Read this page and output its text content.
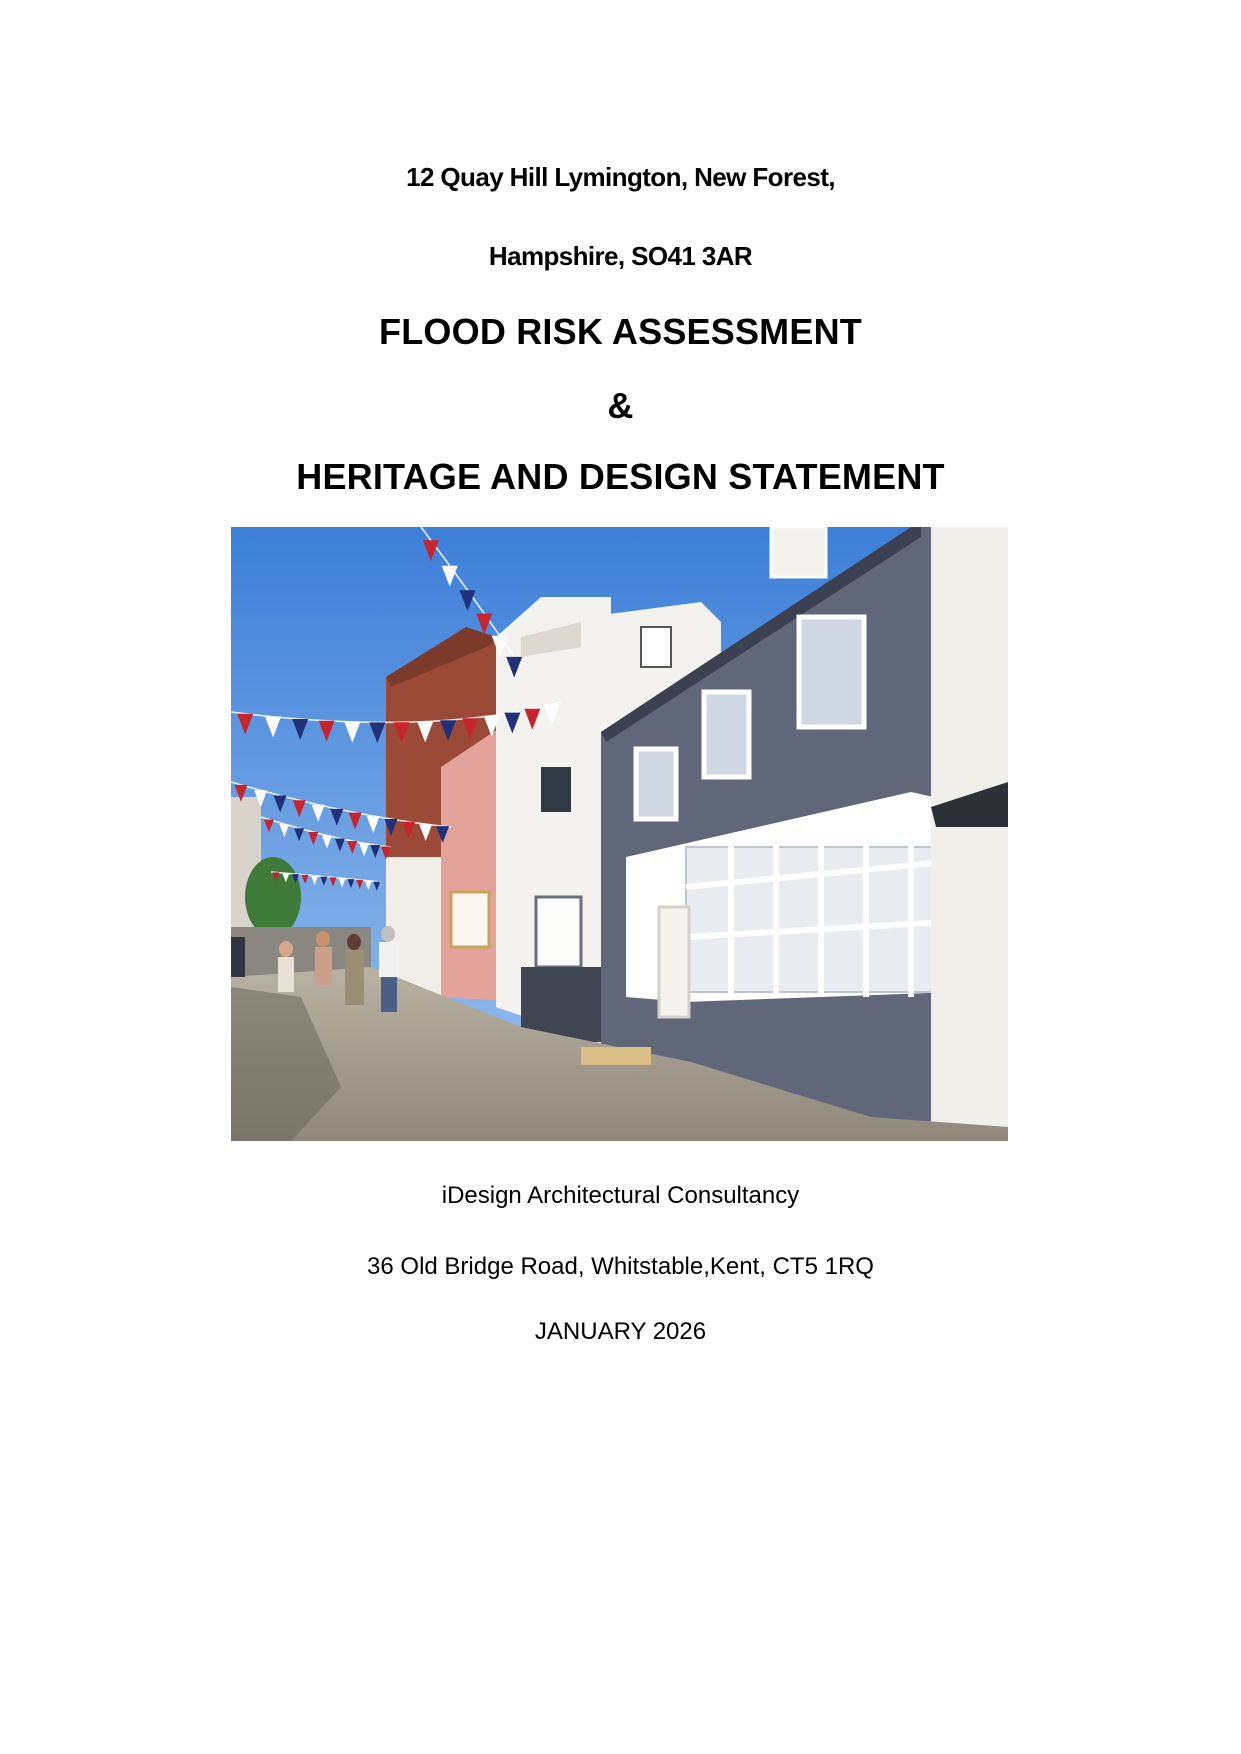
12 Quay Hill Lymington, New Forest,
Hampshire, SO41 3AR
FLOOD RISK ASSESSMENT
&
HERITAGE AND DESIGN STATEMENT
iDesign Architectural Consultancy
36 Old Bridge Road, Whitstable,Kent, CT5 1RQ
JANUARY 2026
